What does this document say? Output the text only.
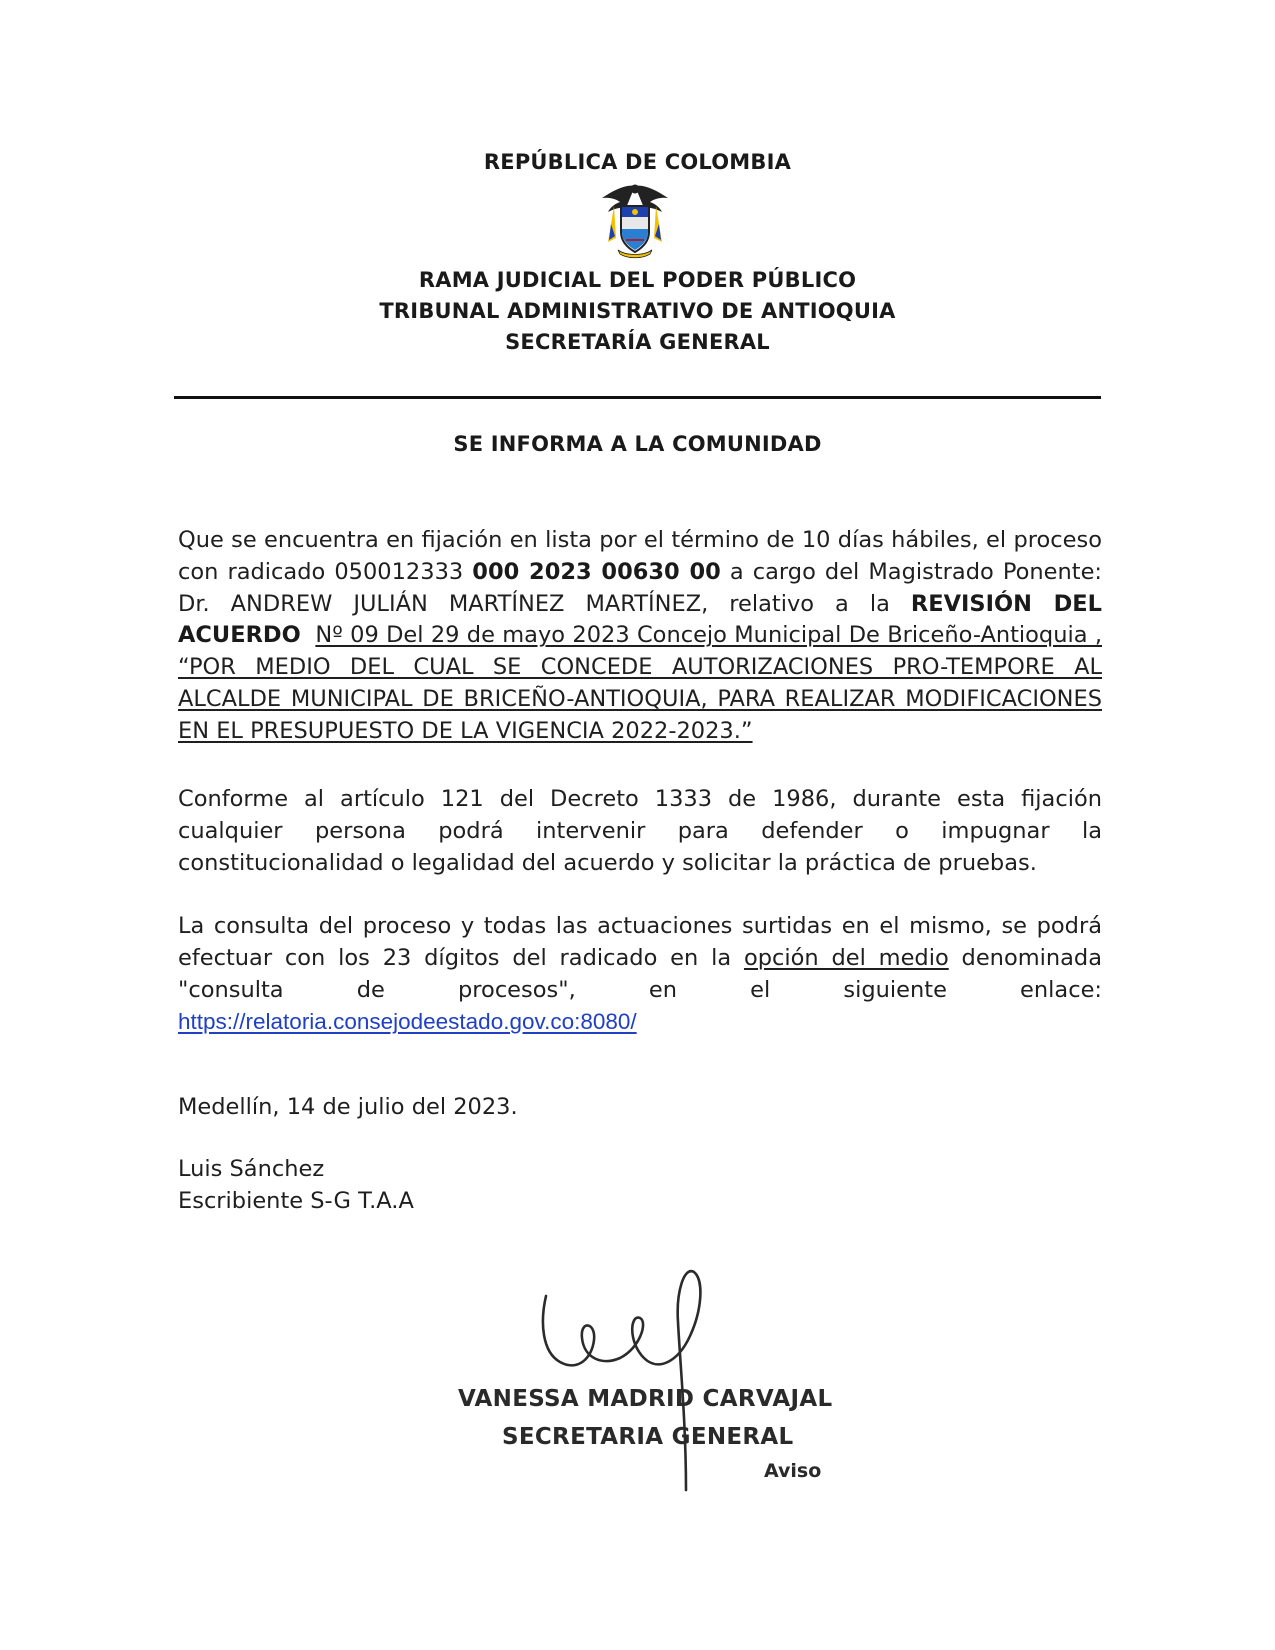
REPÚBLICA DE COLOMBIA
RAMA JUDICIAL DEL PODER PÚBLICO
TRIBUNAL ADMINISTRATIVO DE ANTIOQUIA
SECRETARÍA GENERAL
SE INFORMA A LA COMUNIDAD
Que se encuentra en fijación en lista por el término de 10 días hábiles, el proceso con radicado 050012333 000 2023 00630 00 a cargo del Magistrado Ponente: Dr. ANDREW JULIÁN MARTÍNEZ MARTÍNEZ, relativo a la REVISIÓN DEL ACUERDO Nº 09 Del 29 de mayo 2023 Concejo Municipal De Briceño-Antioquia , “POR MEDIO DEL CUAL SE CONCEDE AUTORIZACIONES PRO-TEMPORE AL ALCALDE MUNICIPAL DE BRICEÑO-ANTIOQUIA, PARA REALIZAR MODIFICACIONES EN EL PRESUPUESTO DE LA VIGENCIA 2022-2023.”
Conforme al artículo 121 del Decreto 1333 de 1986, durante esta fijación cualquier persona podrá intervenir para defender o impugnar la constitucionalidad o legalidad del acuerdo y solicitar la práctica de pruebas.
La consulta del proceso y todas las actuaciones surtidas en el mismo, se podrá efectuar con los 23 dígitos del radicado en la opción del medio denominada "consulta de procesos", en el siguiente enlace: https://relatoria.consejodeestado.gov.co:8080/
Medellín, 14 de julio del 2023.
Luis Sánchez
Escribiente S-G T.A.A
VANESSA MADRID CARVAJAL
SECRETARIA GENERAL
Aviso
